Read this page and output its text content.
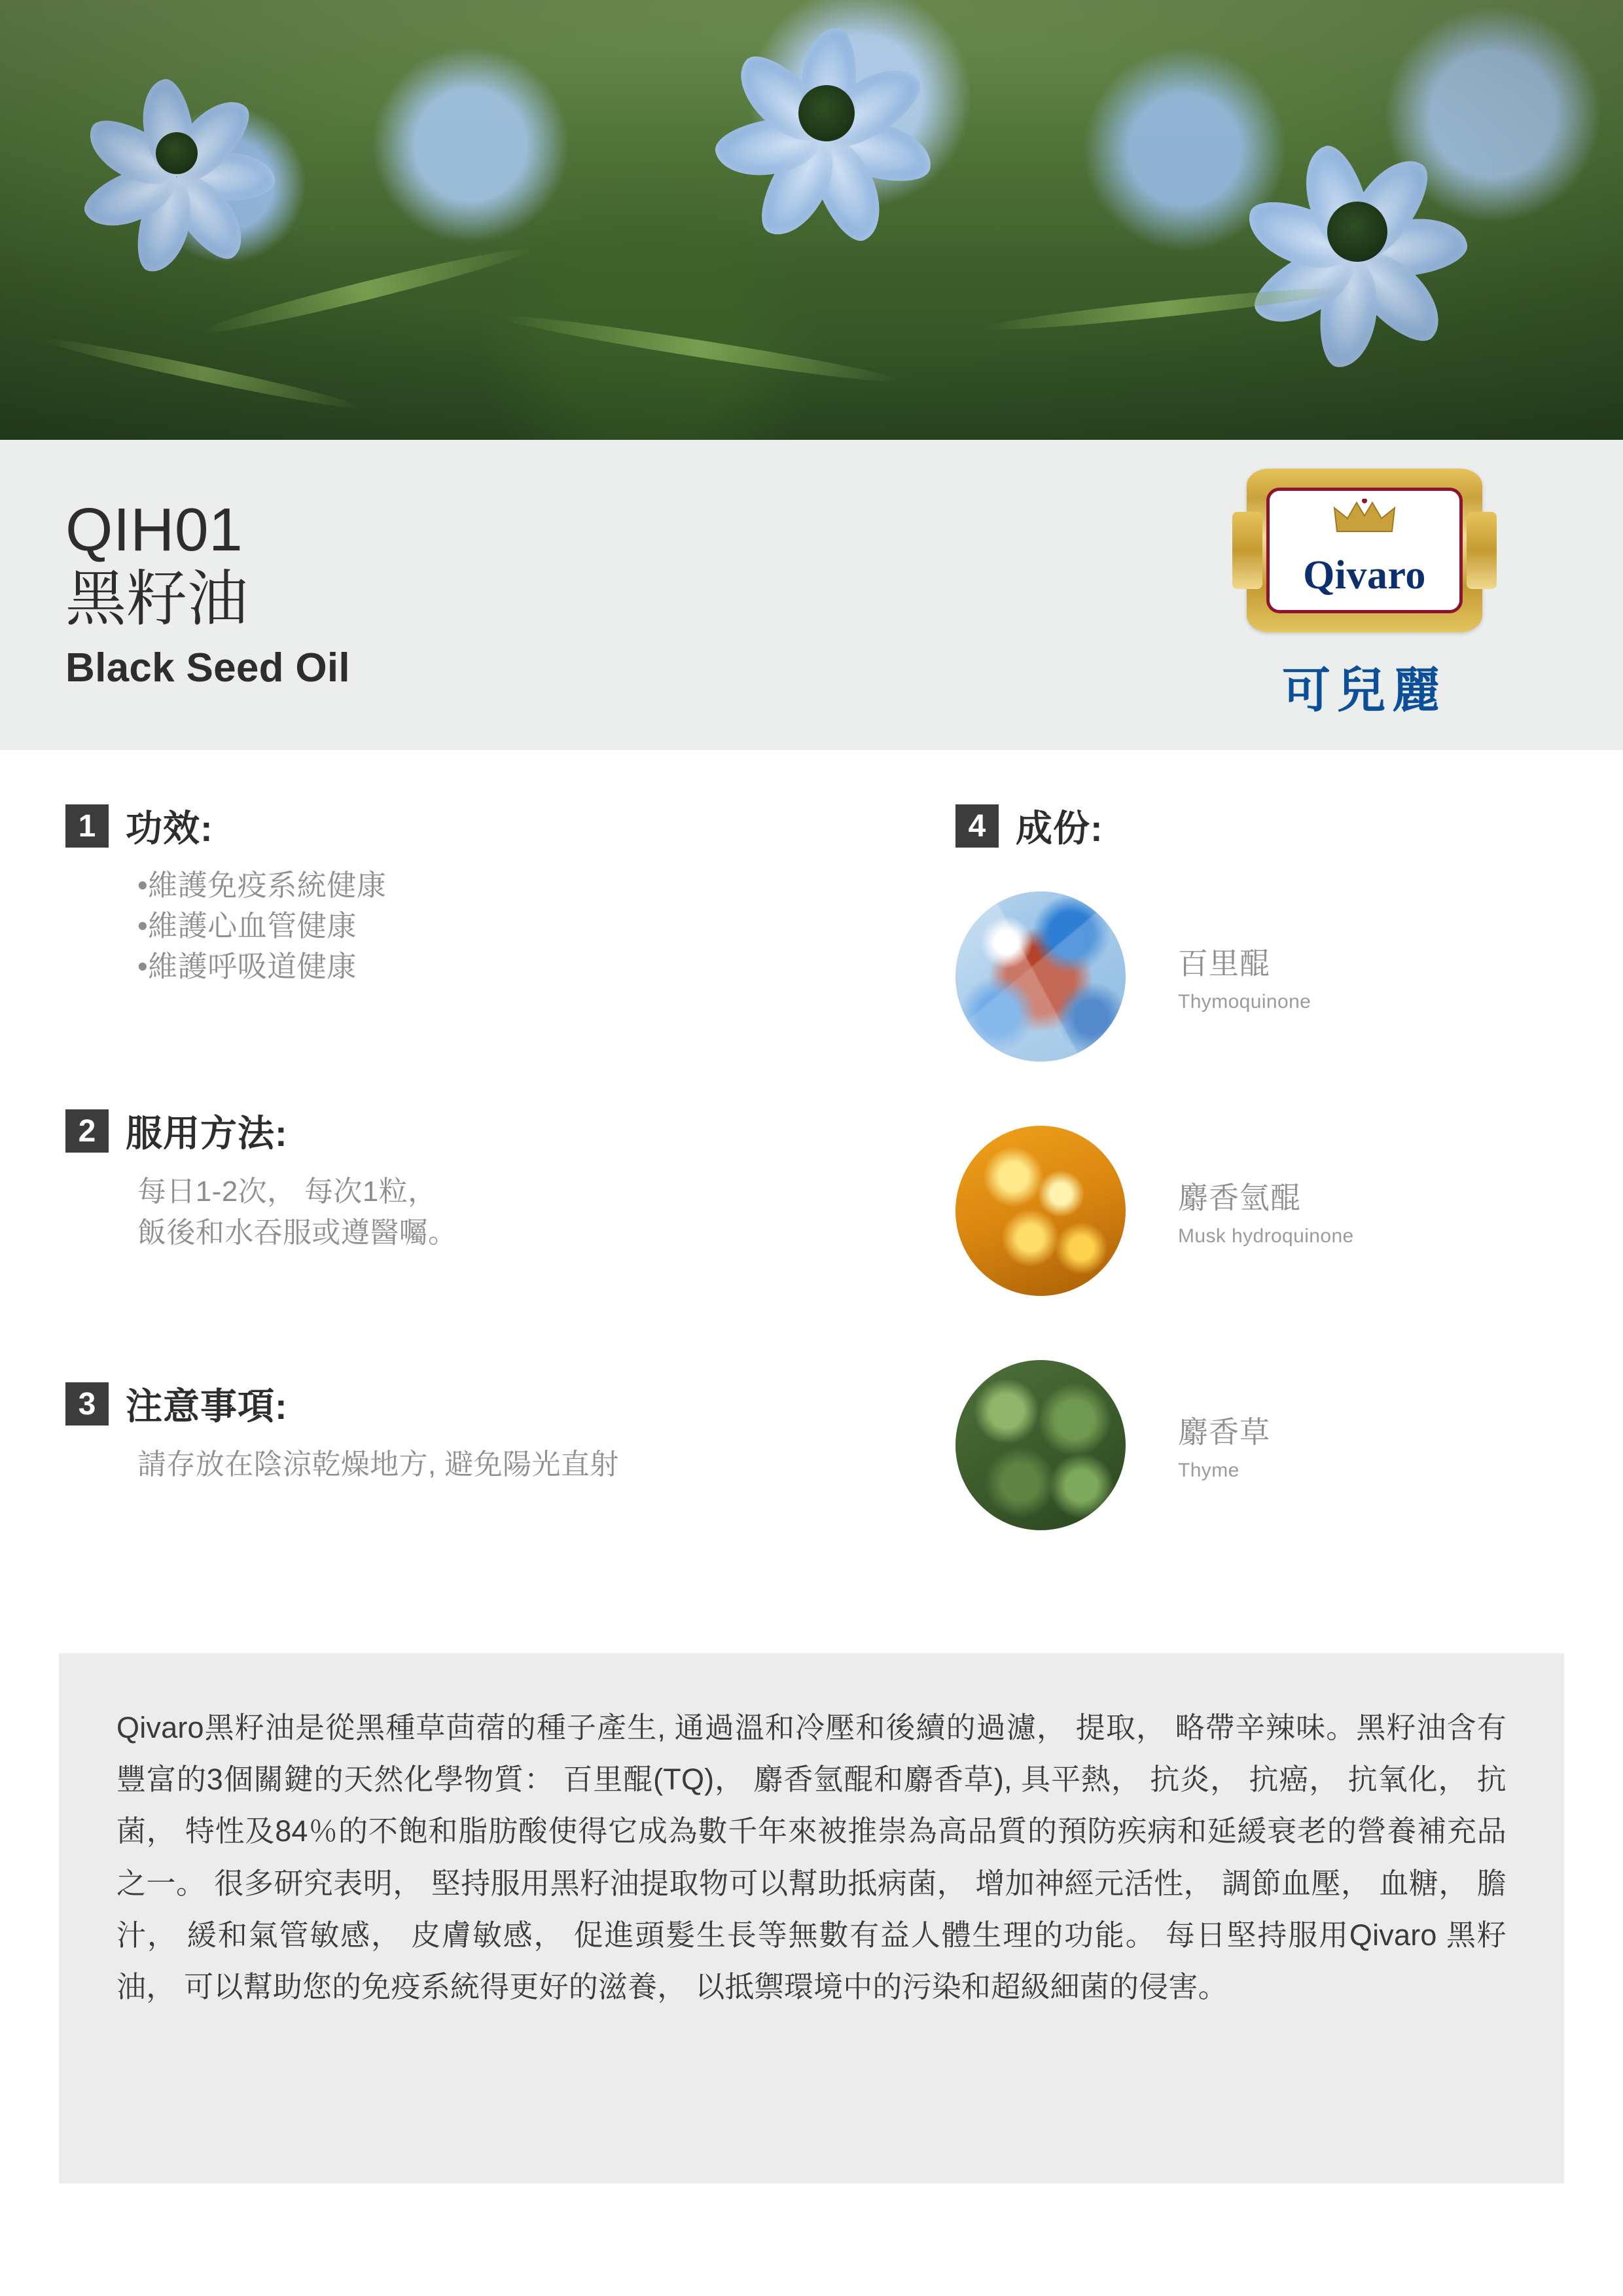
QIH01
黑籽油
Black Seed Oil
Qivaro
可兒麗
1 功效:
•維護免疫系統健康
•維護心血管健康
•維護呼吸道健康
2 服用方法:
每日1-2次， 每次1粒，
飯後和水吞服或遵醫囑。
3 注意事項:
請存放在陰涼乾燥地方, 避免陽光直射
4 成份:
百里醌
Thymoquinone
麝香氫醌
Musk hydroquinone
麝香草
Thyme

Qivaro黑籽油是從黑種草茴蓿的種子產生, 通過溫和冷壓和後續的過濾， 提取， 略帶辛辣味。黑籽油含有豐富的3個關鍵的天然化學物質： 百里醌(TQ)， 麝香氫醌和麝香草), 具平熱， 抗炎， 抗癌， 抗氧化， 抗菌， 特性及84％的不飽和脂肪酸使得它成為數千年來被推崇為高品質的預防疾病和延緩衰老的營養補充品之一。 很多研究表明， 堅持服用黑籽油提取物可以幫助抵病菌， 增加神經元活性， 調節血壓， 血糖， 膽汁， 緩和氣管敏感， 皮膚敏感， 促進頭髮生長等無數有益人體生理的功能。 每日堅持服用Qivaro 黑籽油， 可以幫助您的免疫系統得更好的滋養， 以抵禦環境中的污染和超級細菌的侵害。
